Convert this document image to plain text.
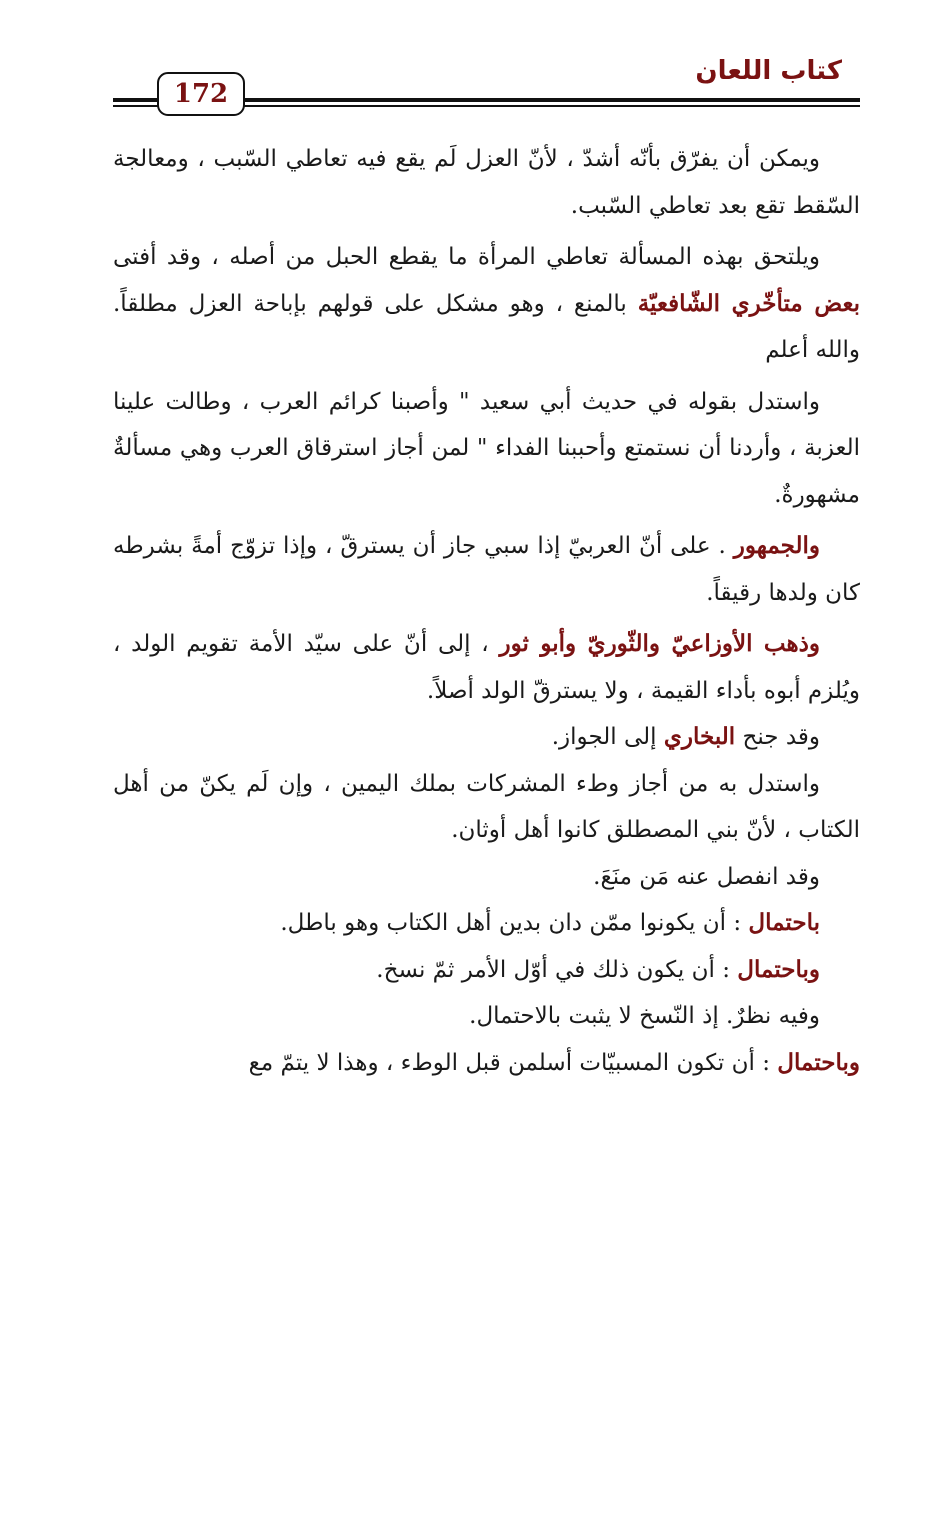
كتاب اللعان
172

ويمكن أن يفرّق بأنّه أشدّ ، لأنّ العزل لَم يقع فيه تعاطي السّبب ، ومعالجة السّقط تقع بعد تعاطي السّبب.

ويلتحق بهذه المسألة تعاطي المرأة ما يقطع الحبل من أصله ، وقد أفتى بعض متأخّري الشّافعيّة بالمنع ، وهو مشكل على قولهم بإباحة العزل مطلقاً. والله أعلم

واستدل بقوله في حديث أبي سعيد " وأصبنا كرائم العرب ، وطالت علينا العزبة ، وأردنا أن نستمتع وأحببنا الفداء " لمن أجاز استرقاق العرب وهي مسألةٌ مشهورةٌ.

والجمهور . على أنّ العربيّ إذا سبي جاز أن يسترقّ ، وإذا تزوّج أمةً بشرطه كان ولدها رقيقاً.

وذهب الأوزاعيّ والثّوريّ وأبو ثور ، إلى أنّ على سيّد الأمة تقويم الولد ، ويُلزم أبوه بأداء القيمة ، ولا يسترقّ الولد أصلاً.

وقد جنح البخاري إلى الجواز.

واستدل به من أجاز وطء المشركات بملك اليمين ، وإن لَم يكنّ من أهل الكتاب ، لأنّ بني المصطلق كانوا أهل أوثان.

وقد انفصل عنه مَن منَعَ.

باحتمال : أن يكونوا ممّن دان بدين أهل الكتاب وهو باطل.

وباحتمال : أن يكون ذلك في أوّل الأمر ثمّ نسخ.

وفيه نظرٌ. إذ النّسخ لا يثبت بالاحتمال.

وباحتمال : أن تكون المسبيّات أسلمن قبل الوطء ، وهذا لا يتمّ مع
